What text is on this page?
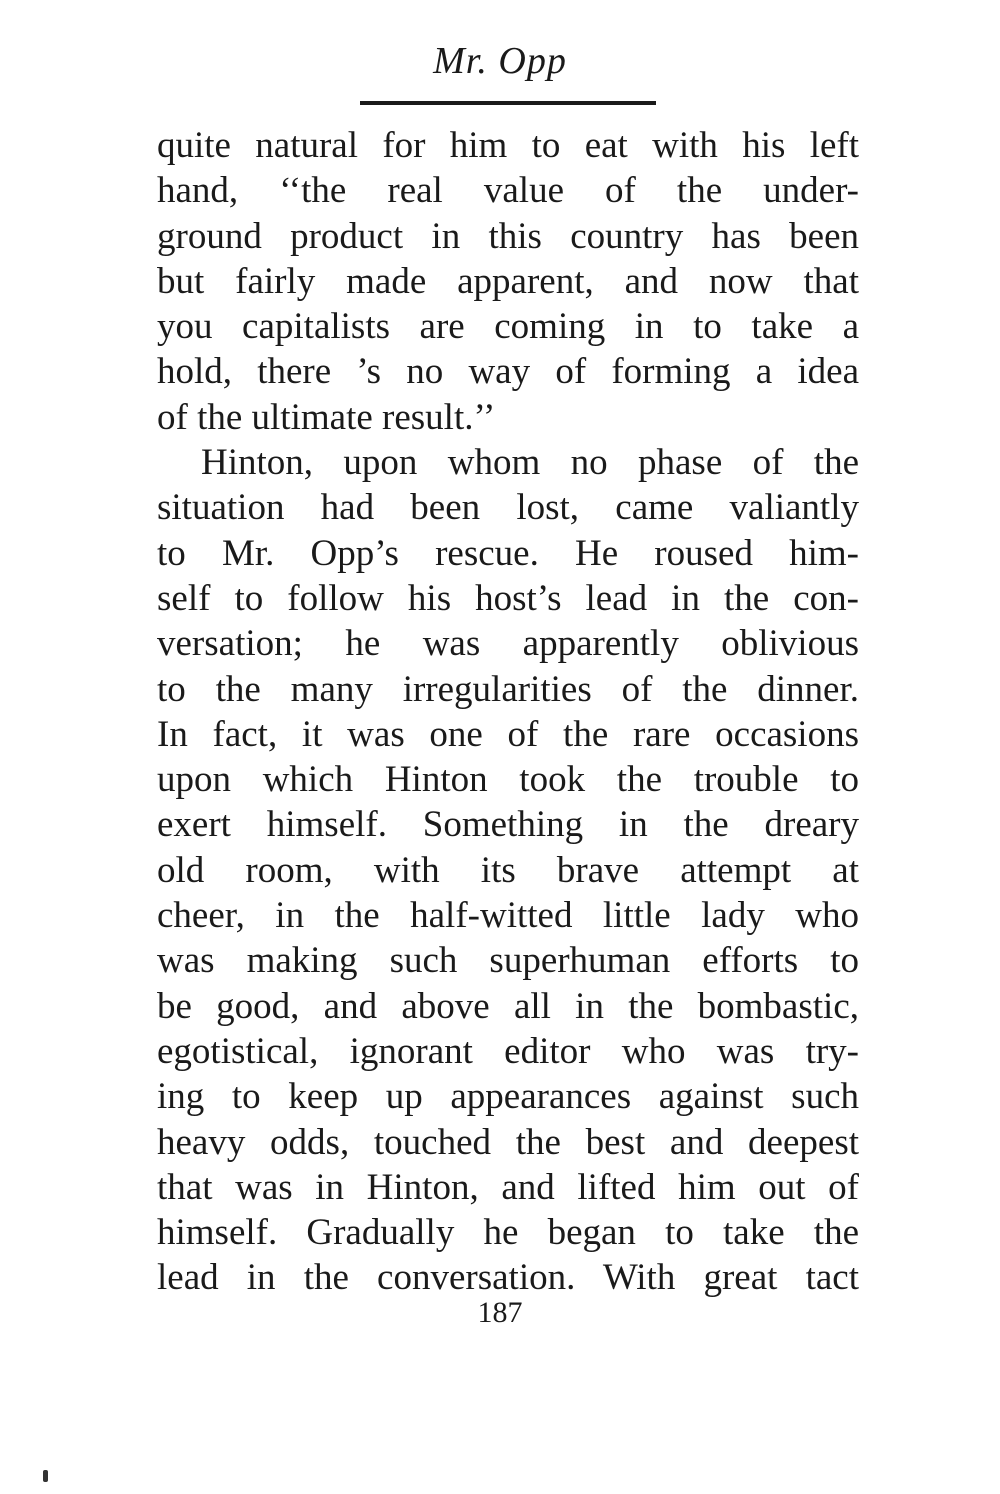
Mr. Opp
quite natural for him to eat with his left
hand, ‘‘the real value of the under-
ground product in this country has been
but fairly made apparent, and now that
you capitalists are coming in to take a
hold, there ’s no way of forming a idea
of the ultimate result.’’
Hinton, upon whom no phase of the
situation had been lost, came valiantly
to Mr. Opp’s rescue. He roused him-
self to follow his host’s lead in the con-
versation; he was apparently oblivious
to the many irregularities of the dinner.
In fact, it was one of the rare occasions
upon which Hinton took the trouble to
exert himself. Something in the dreary
old room, with its brave attempt at
cheer, in the half-witted little lady who
was making such superhuman efforts to
be good, and above all in the bombastic,
egotistical, ignorant editor who was try-
ing to keep up appearances against such
heavy odds, touched the best and deepest
that was in Hinton, and lifted him out of
himself. Gradually he began to take the
lead in the conversation. With great tact
187
